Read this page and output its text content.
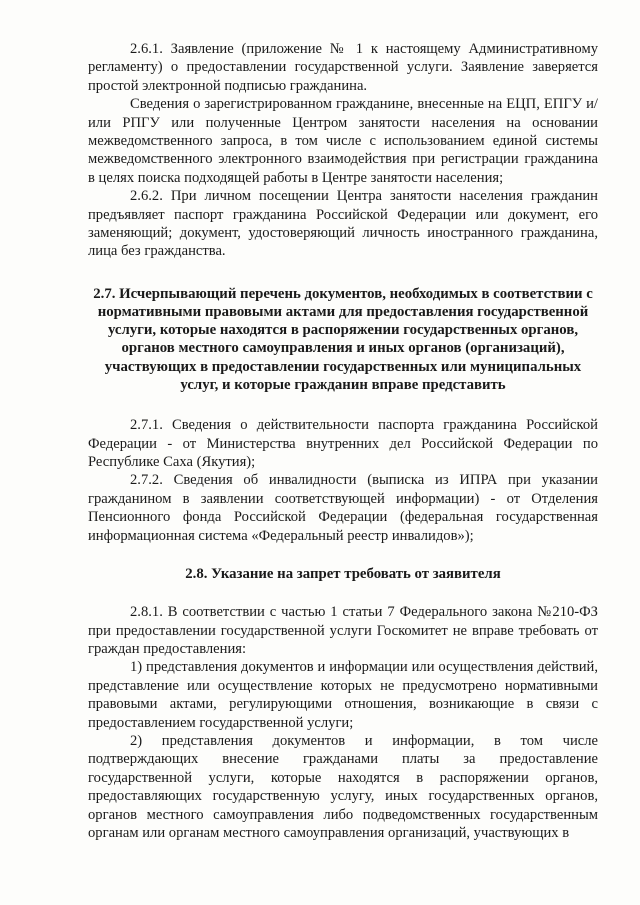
2.6.1. Заявление (приложение № 1 к настоящему Административному регламенту) о предоставлении государственной услуги. Заявление заверяется простой электронной подписью гражданина.

Сведения о зарегистрированном гражданине, внесенные на ЕЦП, ЕПГУ и/или РПГУ или полученные Центром занятости населения на основании межведомственного запроса, в том числе с использованием единой системы межведомственного электронного взаимодействия при регистрации гражданина в целях поиска подходящей работы в Центре занятости населения;

2.6.2. При личном посещении Центра занятости населения гражданин предъявляет паспорт гражданина Российской Федерации или документ, его заменяющий; документ, удостоверяющий личность иностранного гражданина, лица без гражданства.

2.7. Исчерпывающий перечень документов, необходимых в соответствии с нормативными правовыми актами для предоставления государственной услуги, которые находятся в распоряжении государственных органов, органов местного самоуправления и иных органов (организаций), участвующих в предоставлении государственных или муниципальных услуг, и которые гражданин вправе представить

2.7.1. Сведения о действительности паспорта гражданина Российской Федерации - от Министерства внутренних дел Российской Федерации по Республике Саха (Якутия);

2.7.2. Сведения об инвалидности (выписка из ИПРА при указании гражданином в заявлении соответствующей информации) - от Отделения Пенсионного фонда Российской Федерации (федеральная государственная информационная система «Федеральный реестр инвалидов»);

2.8. Указание на запрет требовать от заявителя

2.8.1. В соответствии с частью 1 статьи 7 Федерального закона №210-ФЗ при предоставлении государственной услуги Госкомитет не вправе требовать от граждан предоставления:

1) представления документов и информации или осуществления действий, представление или осуществление которых не предусмотрено нормативными правовыми актами, регулирующими отношения, возникающие в связи с предоставлением государственной услуги;

2) представления документов и информации, в том числе подтверждающих внесение гражданами платы за предоставление государственной услуги, которые находятся в распоряжении органов, предоставляющих государственную услугу, иных государственных органов, органов местного самоуправления либо подведомственных государственным органам или органам местного самоуправления организаций, участвующих в
